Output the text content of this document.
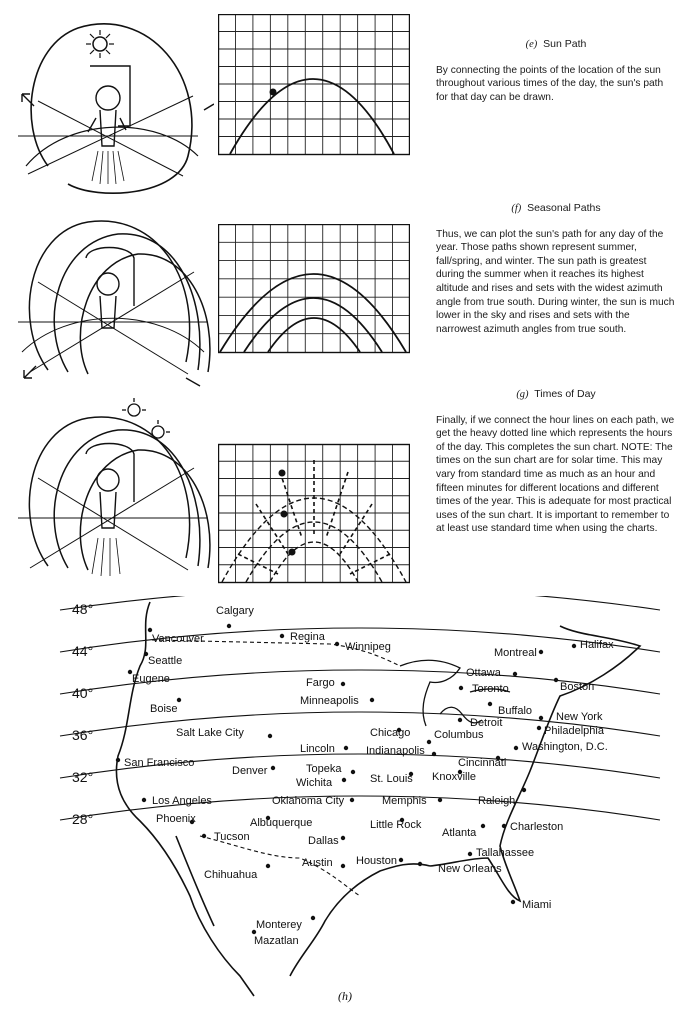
(e) Sun Path

By connecting the points of the location of the sun throughout various times of the day, the sun's path for that day can be drawn.

(f) Seasonal Paths

Thus, we can plot the sun's path for any day of the year. Those paths shown represent summer, fall/spring, and winter. The sun path is greatest during the summer when it reaches its highest altitude and rises and sets with the widest azimuth angle from true south. During winter, the sun is much lower in the sky and rises and sets with the narrowest azimuth angles from true south.

(g) Times of Day

Finally, if we connect the hour lines on each path, we get the heavy dotted line which represents the hours of the day. This completes the sun chart. NOTE: The times on the sun chart are for solar time. This may vary from standard time as much as an hour and fifteen minutes for different locations and different times of the year. This is adequate for most practical uses of the sun chart. It is important to remember to at least use standard time when using the charts.

48°
44°
40°
36°
32°
28°
Calgary
Regina
Winnipeg
Vancouver
Seattle
Montreal
Halifax
Fargo
Ottawa
Eugene
Minneapolis
Toronto	Boston
Boise	Buffalo
Detroit	New York
Philadelphia
Salt Lake City	Chicago Columbus
Washington, D.C.
San Francisco
Lincoln	Indianapolis
Denver	Topeka	Cincinnati
Wichita	St. Louis Knoxville
Los Angeles	Oklahoma City	Memphis	Raleigh
Phoenix	Albuquerque	Little Rock
Atlanta	Charleston
Tucson	Dallas
Tallahassee
Chihuahua
Austin Houston
New Orleans
Miami
Monterey
Mazatlan
(h)
